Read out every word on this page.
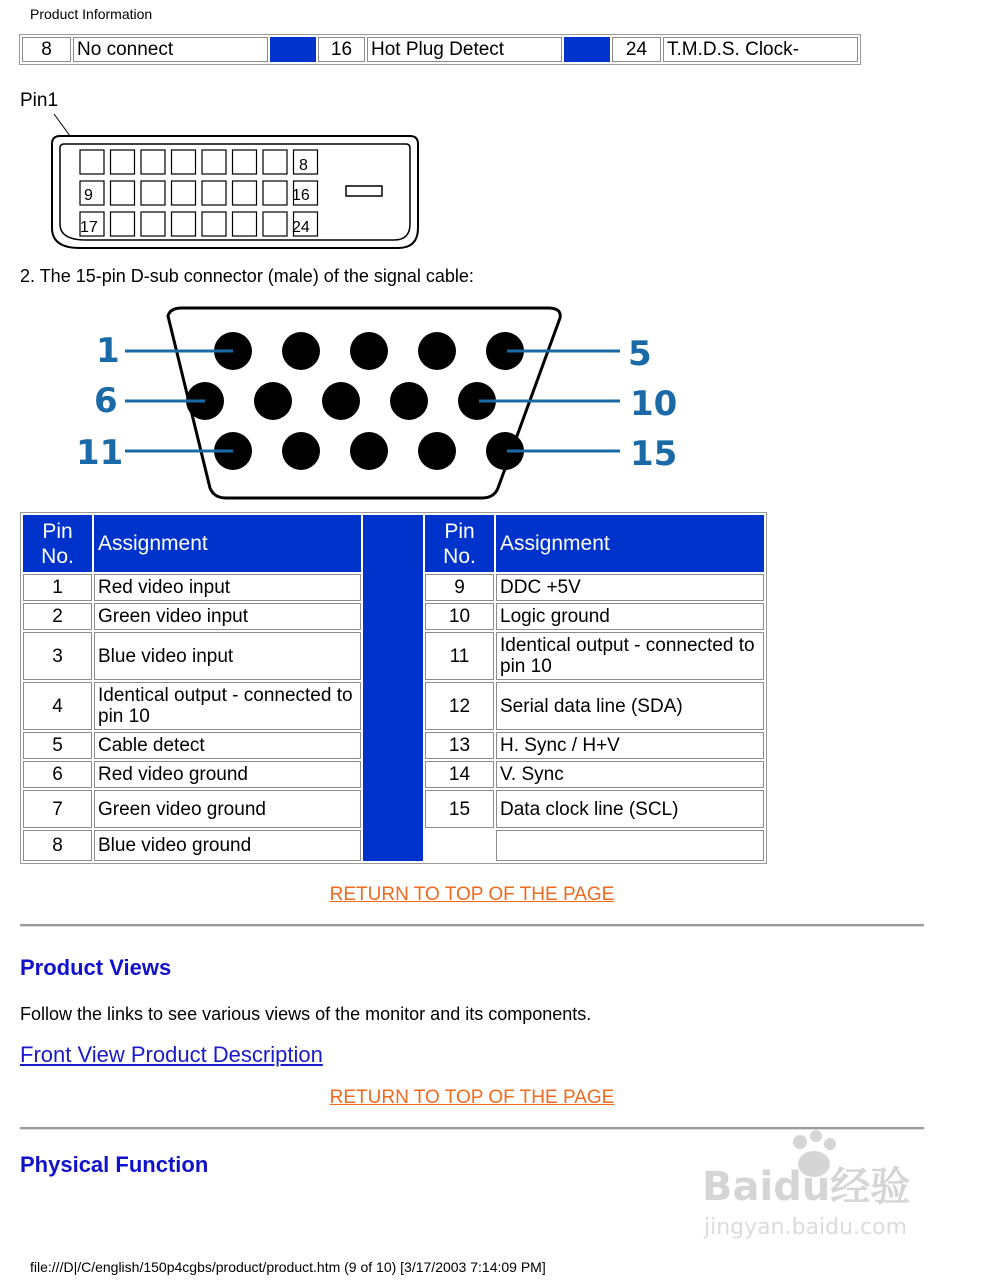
Product Information
8	No connect		16	Hot Plug Detect		24	T.M.D.S. Clock-
Pin1
8
9	16
17	24
2. The 15-pin D-sub connector (male) of the signal cable:
1	5
6	10
11	15
Pin No.	Assignment		Pin No.	Assignment
1	Red video input		9	DDC +5V
2	Green video input		10	Logic ground
3	Blue video input		11	Identical output - connected to pin 10
4	Identical output - connected to pin 10		12	Serial data line (SDA)
5	Cable detect		13	H. Sync / H+V
6	Red video ground		14	V. Sync
7	Green video ground		15	Data clock line (SCL)
8	Blue video ground			
RETURN TO TOP OF THE PAGE
Product Views
Follow the links to see various views of the monitor and its components.
Front View Product Description
RETURN TO TOP OF THE PAGE
Physical Function	Baidu经验
jingyan.baidu.com
file:///D|/C/english/150p4cgbs/product/product.htm (9 of 10) [3/17/2003 7:14:09 PM]
